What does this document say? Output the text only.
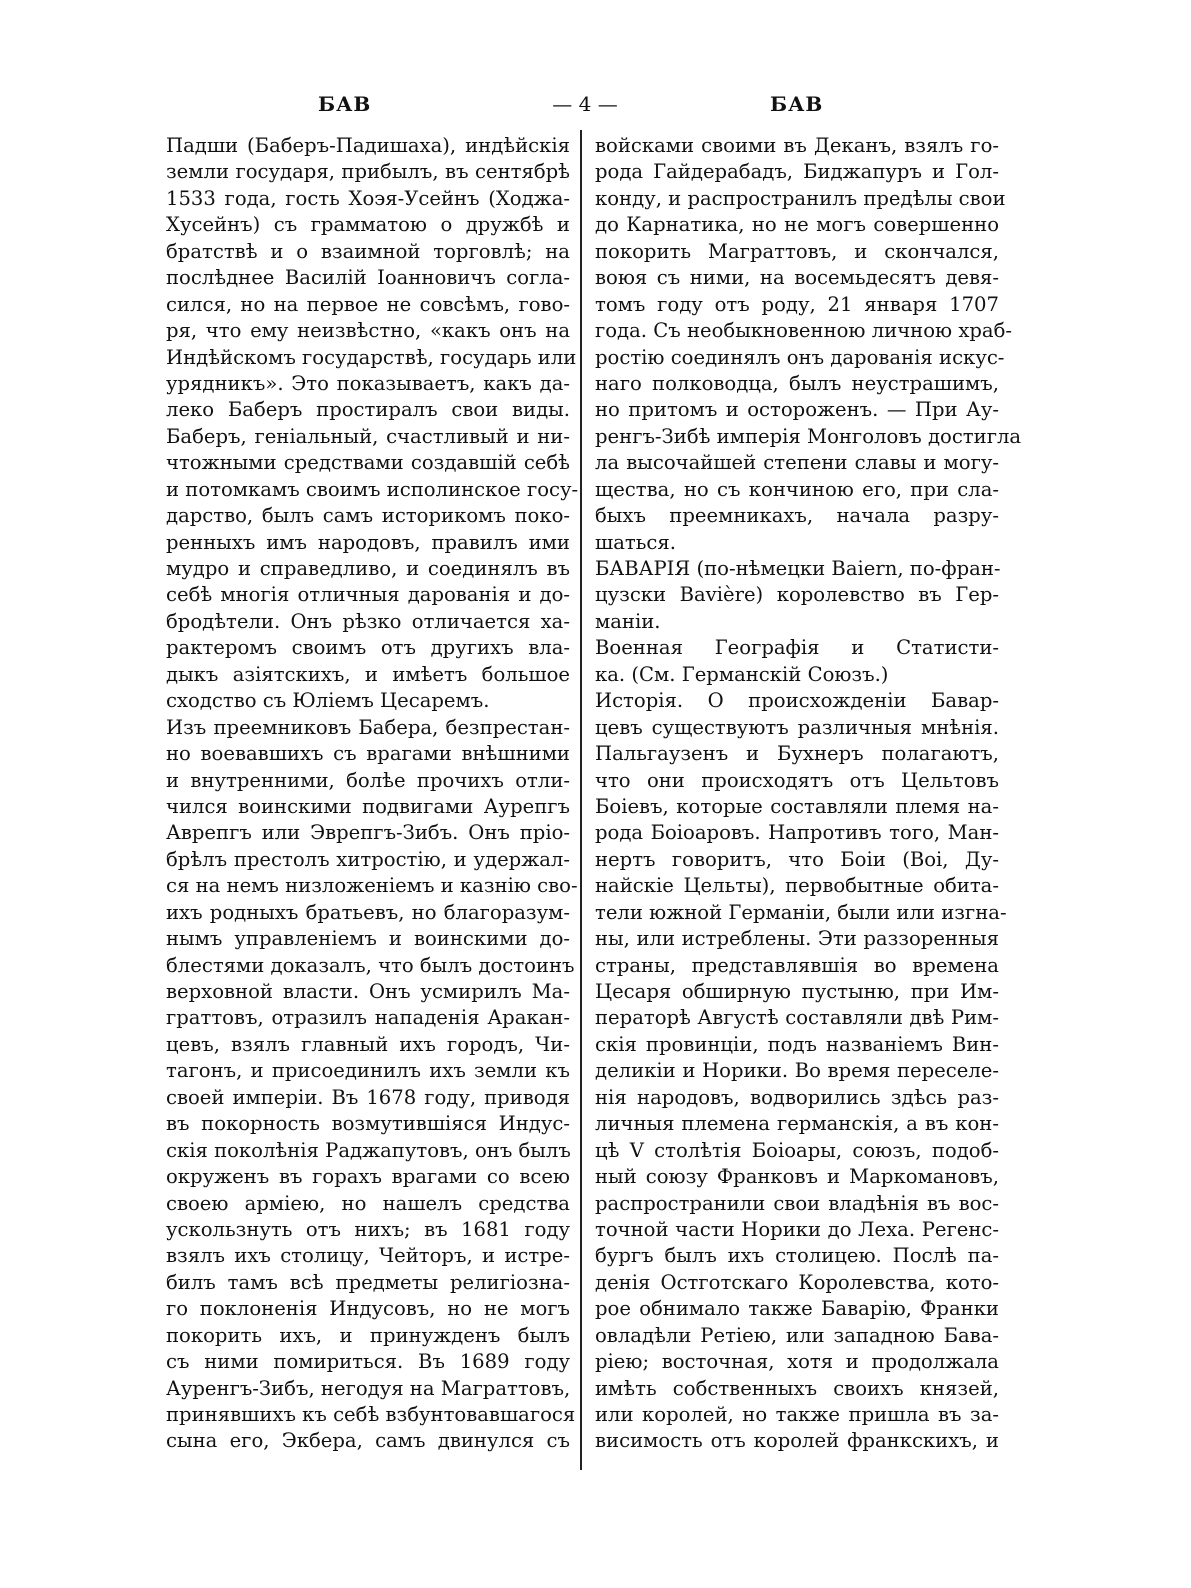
БАВ	— 4 —	БАВ
Падши (Баберъ-Падишаха), индѣйскія
земли государя, прибылъ, въ сентябрѣ
1533 года, гость Хоэя-Усейнъ (Ходжа-
Хусейнъ) съ грамматою о дружбѣ и
братствѣ и о взаимной торговлѣ; на
послѣднее Василій Іоанновичъ согла-
сился, но на первое не совсѣмъ, гово-
ря, что ему неизвѣстно, «какъ онъ на
Индѣйскомъ государствѣ, государь или
урядникъ». Это показываетъ, какъ да-
леко Баберъ простиралъ свои виды.
Баберъ, геніальный, счастливый и ни-
чтожными средствами создавшій себѣ
и потомкамъ своимъ исполинское госу-
дарство, былъ самъ историкомъ поко-
ренныхъ имъ народовъ, правилъ ими
мудро и справедливо, и соединялъ въ
себѣ многія отличныя дарованія и до-
бродѣтели. Онъ рѣзко отличается ха-
рактеромъ своимъ отъ другихъ вла-
дыкъ азіятскихъ, и имѣетъ большое
сходство съ Юліемъ Цесаремъ.
Изъ преемниковъ Бабера, безпрестан-
но воевавшихъ съ врагами внѣшними
и внутренними, болѣе прочихъ отли-
чился воинскими подвигами Аурепгъ
Аврепгъ или Эврепгъ-Зибъ. Онъ прio-
брѣлъ престолъ хитростію, и удержал-
ся на немъ низложеніемъ и казнію сво-
ихъ родныхъ братьевъ, но благоразум-
нымъ управленіемъ и воинскими до-
блестями доказалъ, что былъ достоинъ
верховной власти. Онъ усмирилъ Ма-
граттовъ, отразилъ нападенія Аракан-
цевъ, взялъ главный ихъ городъ, Чи-
тагонъ, и присоединилъ ихъ земли къ
своей имперіи. Въ 1678 году, приводя
въ покорность возмутившіяся Индус-
скія поколѣнія Раджапутовъ, онъ былъ
окруженъ въ горахъ врагами со всею
своею арміею, но нашелъ средства
ускользнуть отъ нихъ; въ 1681 году
взялъ ихъ столицу, Чейторъ, и истре-
билъ тамъ всѣ предметы религіозна-
го поклоненія Индусовъ, но не могъ
покорить ихъ, и принужденъ былъ
съ ними помириться. Въ 1689 году
Ауренгъ-Зибъ, негодуя на Маграттовъ,
принявшихъ къ себѣ взбунтовавшагося
сына его, Экбера, самъ двинулся съ
войсками своими въ Деканъ, взялъ го-
рода Гайдерабадъ, Биджапуръ и Гол-
конду, и распространилъ предѣлы свои
до Карнатика, но не могъ совершенно
покорить Маграттовъ, и скончался,
воюя съ ними, на восемьдесятъ девя-
томъ году отъ роду, 21 января 1707
года. Съ необыкновенною личною храб-
ростію соединялъ онъ дарованія искус-
наго полководца, былъ неустрашимъ,
но притомъ и остороженъ. — При Ау-
ренгъ-Зибѣ имперія Монголовъ достигла
ла высочайшей степени славы и могу-
щества, но съ кончиною его, при сла-
быхъ преемникахъ, начала разру-
шаться.
БАВАРІЯ (по-нѣмецки Baiern, по-фран-
цузски Bavière) королевство въ Гер-
маніи.
Военная Географія и Статисти-
ка. (См. Германскій Союзъ.)
Исторія. О происхожденіи Бавар-
цевъ существуютъ различныя мнѣнія.
Пальгаузенъ и Бухнеръ полагаютъ,
что они происходятъ отъ Цельтовъ
Боіевъ, которые составляли племя на-
рода Боіоаровъ. Напротивъ того, Ман-
нертъ говоритъ, что Боіи (Boi, Ду-
найскіе Цельты), первобытные обита-
тели южной Германіи, были или изгна-
ны, или истреблены. Эти раззоренныя
страны, представлявшія во времена
Цесаря обширную пустыню, при Им-
ператорѣ Августѣ составляли двѣ Рим-
скія провинціи, подъ названіемъ Вин-
деликіи и Норики. Во время переселе-
нія народовъ, водворились здѣсь раз-
личныя племена германскія, а въ кон-
цѣ V столѣтія Боіоары, союзъ, подоб-
ный союзу Франковъ и Маркомановъ,
распространили свои владѣнія въ вос-
точной части Норики до Леха. Регенс-
бургъ былъ ихъ столицею. Послѣ па-
денія Остготскаго Королевства, кото-
рое обнимало также Баварію, Франки
овладѣли Ретіею, или западною Бава-
ріею; восточная, хотя и продолжала
имѣть собственныхъ своихъ князей,
или королей, но также пришла въ за-
висимость отъ королей франкскихъ, и
